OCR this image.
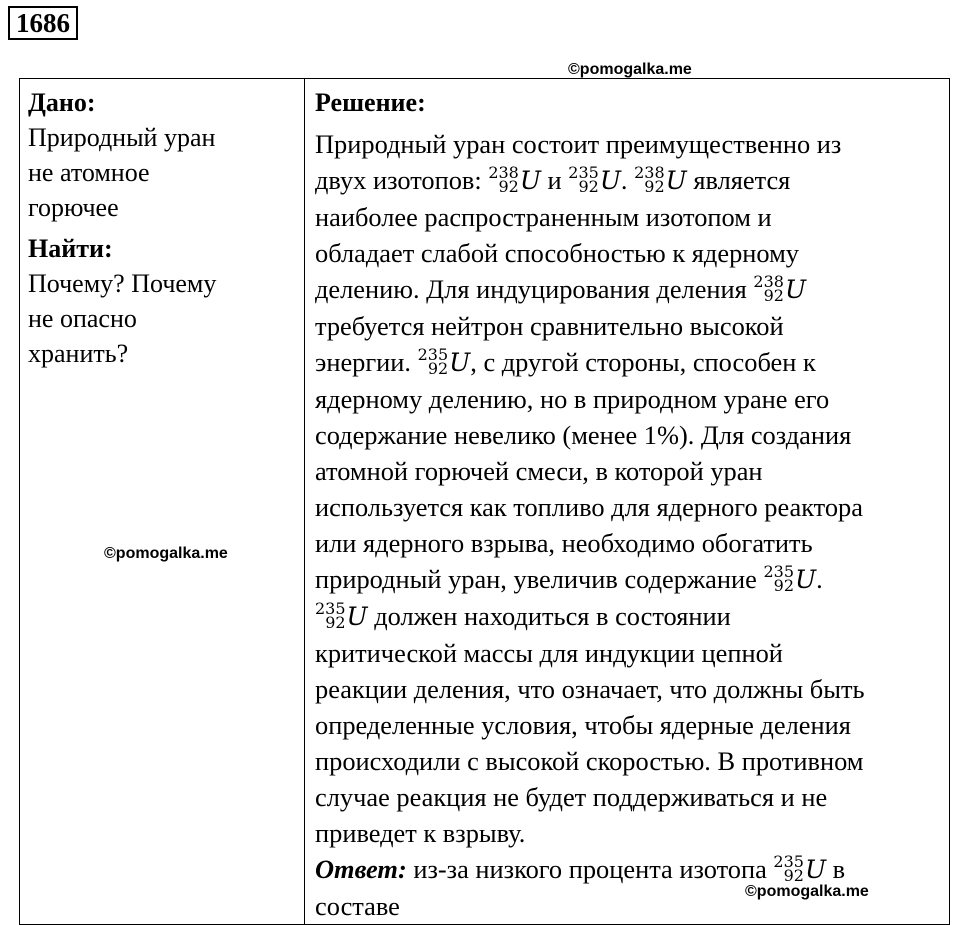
1686
©pomogalka.me
©pomogalka.me
©pomogalka.me

Дано:

Природный уран
не атомное
горючее

Найти:

Почему? Почему
не опасно
хранить?

Решение:

Природный уран состоит преимущественно из
двух изотопов: 238
92 U и 235
92 U. 238
92 U является
наиболее распространенным изотопом и
обладает слабой способностью к ядерному
делению. Для индуцирования деления 238
92 U
требуется нейтрон сравнительно высокой
энергии. 235
92 U, с другой стороны, способен к
ядерному делению, но в природном уране его
содержание невелико (менее 1%). Для создания
атомной горючей смеси, в которой уран
используется как топливо для ядерного реактора
или ядерного взрыва, необходимо обогатить
природный уран, увеличив содержание 235
92 U.
235
92 U должен находиться в состоянии
критической массы для индукции цепной
реакции деления, что означает, что должны быть
определенные условия, чтобы ядерные деления
происходили с высокой скоростью. В противном
случае реакция не будет поддерживаться и не
приведет к взрыву.
Ответ: из-за низкого процента изотопа 235
92 U в
составе
